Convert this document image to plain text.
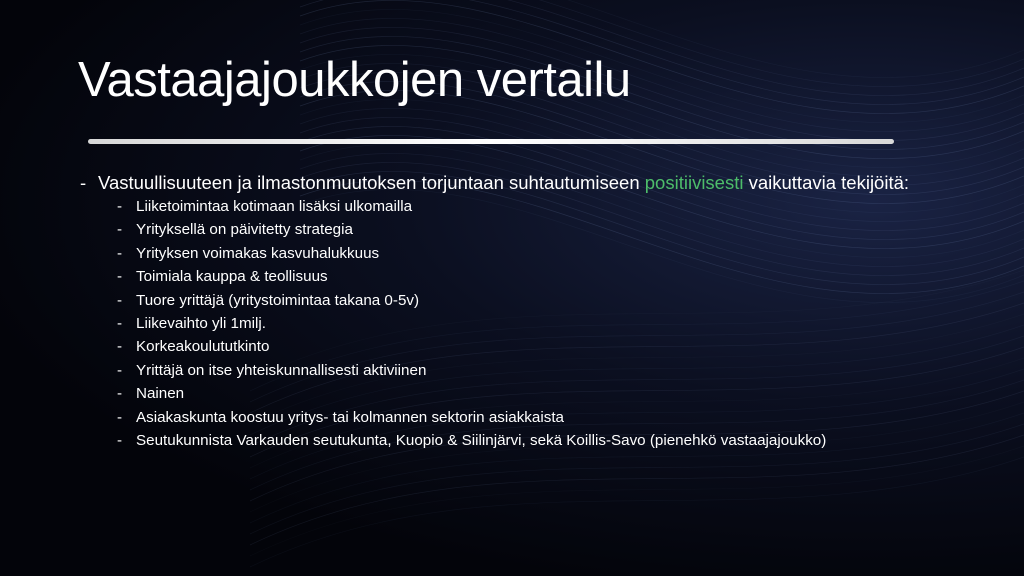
Vastaajajoukkojen vertailu
- Vastuullisuuteen ja ilmastonmuutoksen torjuntaan suhtautumiseen positiivisesti vaikuttavia tekijöitä:
- Liiketoimintaa kotimaan lisäksi ulkomailla
- Yrityksellä on päivitetty strategia
- Yrityksen voimakas kasvuhalukkuus
- Toimiala kauppa & teollisuus
- Tuore yrittäjä (yritystoimintaa takana 0-5v)
- Liikevaihto yli 1milj.
- Korkeakoulututkinto
- Yrittäjä on itse yhteiskunnallisesti aktiviinen
- Nainen
- Asiakaskunta koostuu yritys- tai kolmannen sektorin asiakkaista
- Seutukunnista Varkauden seutukunta, Kuopio & Siilinjärvi, sekä Koillis-Savo (pienehkö vastaajajoukko)
